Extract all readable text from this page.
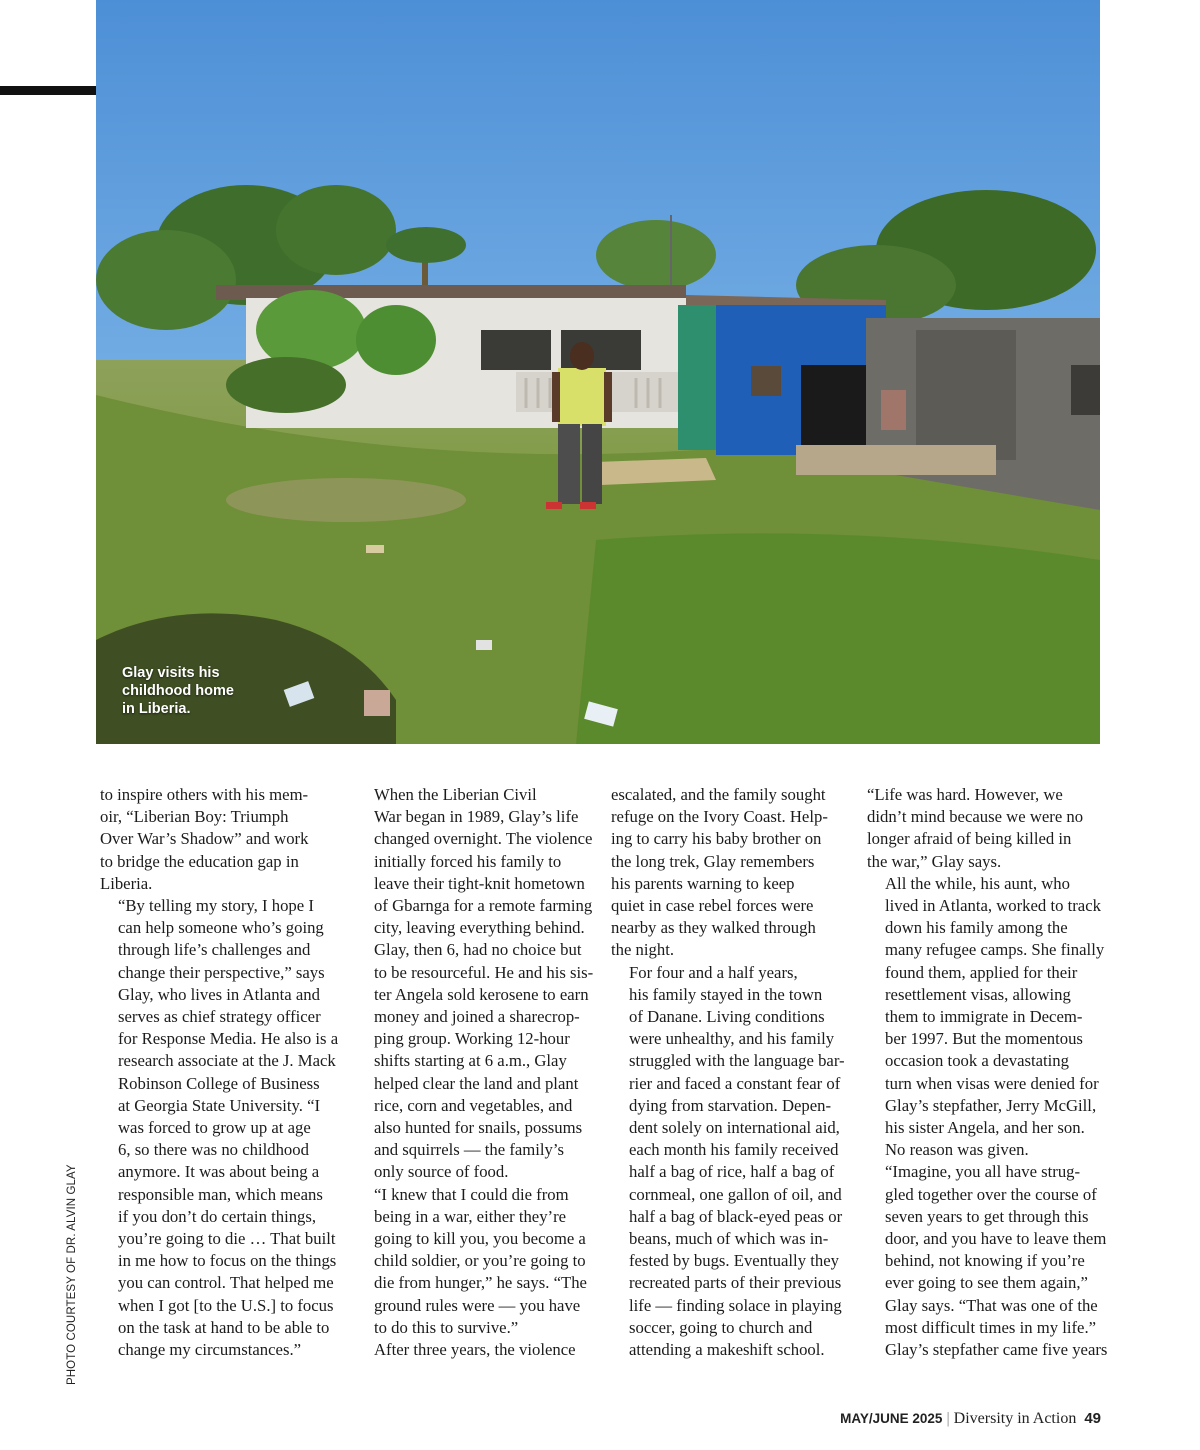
Glay visits his
childhood home
in Liberia.
PHOTO COURTESY OF DR. ALVIN GLAY

to inspire others with his mem-
oir, “Liberian Boy: Triumph
Over War’s Shadow” and work
to bridge the education gap in
Liberia.

“By telling my story, I hope I
can help someone who’s going
through life’s challenges and
change their perspective,” says
Glay, who lives in Atlanta and
serves as chief strategy officer
for Response Media. He also is a
research associate at the J. Mack
Robinson College of Business
at Georgia State University. “I
was forced to grow up at age
6, so there was no childhood
anymore. It was about being a
responsible man, which means
if you don’t do certain things,
you’re going to die … That built
in me how to focus on the things
you can control. That helped me
when I got [to the U.S.] to focus
on the task at hand to be able to
change my circumstances.”

When the Liberian Civil
War began in 1989, Glay’s life
changed overnight. The violence
initially forced his family to
leave their tight-knit hometown
of Gbarnga for a remote farming
city, leaving everything behind.
Glay, then 6, had no choice but
to be resourceful. He and his sis-
ter Angela sold kerosene to earn
money and joined a sharecrop-
ping group. Working 12-hour
shifts starting at 6 a.m., Glay
helped clear the land and plant
rice, corn and vegetables, and
also hunted for snails, possums
and squirrels — the family’s
only source of food.

“I knew that I could die from
being in a war, either they’re
going to kill you, you become a
child soldier, or you’re going to
die from hunger,” he says. “The
ground rules were — you have
to do this to survive.”

After three years, the violence

escalated, and the family sought
refuge on the Ivory Coast. Help-
ing to carry his baby brother on
the long trek, Glay remembers
his parents warning to keep
quiet in case rebel forces were
nearby as they walked through
the night.

For four and a half years,
his family stayed in the town
of Danane. Living conditions
were unhealthy, and his family
struggled with the language bar-
rier and faced a constant fear of
dying from starvation. Depen-
dent solely on international aid,
each month his family received
half a bag of rice, half a bag of
cornmeal, one gallon of oil, and
half a bag of black-eyed peas or
beans, much of which was in-
fested by bugs. Eventually they
recreated parts of their previous
life — finding solace in playing
soccer, going to church and
attending a makeshift school.

“Life was hard. However, we
didn’t mind because we were no
longer afraid of being killed in
the war,” Glay says.

All the while, his aunt, who
lived in Atlanta, worked to track
down his family among the
many refugee camps. She finally
found them, applied for their
resettlement visas, allowing
them to immigrate in Decem-
ber 1997. But the momentous
occasion took a devastating
turn when visas were denied for
Glay’s stepfather, Jerry McGill,
his sister Angela, and her son.
No reason was given.

“Imagine, you all have strug-
gled together over the course of
seven years to get through this
door, and you have to leave them
behind, not knowing if you’re
ever going to see them again,”
Glay says. “That was one of the
most difficult times in my life.”
Glay’s stepfather came five years

MAY/JUNE 2025 | Diversity in Action 49
